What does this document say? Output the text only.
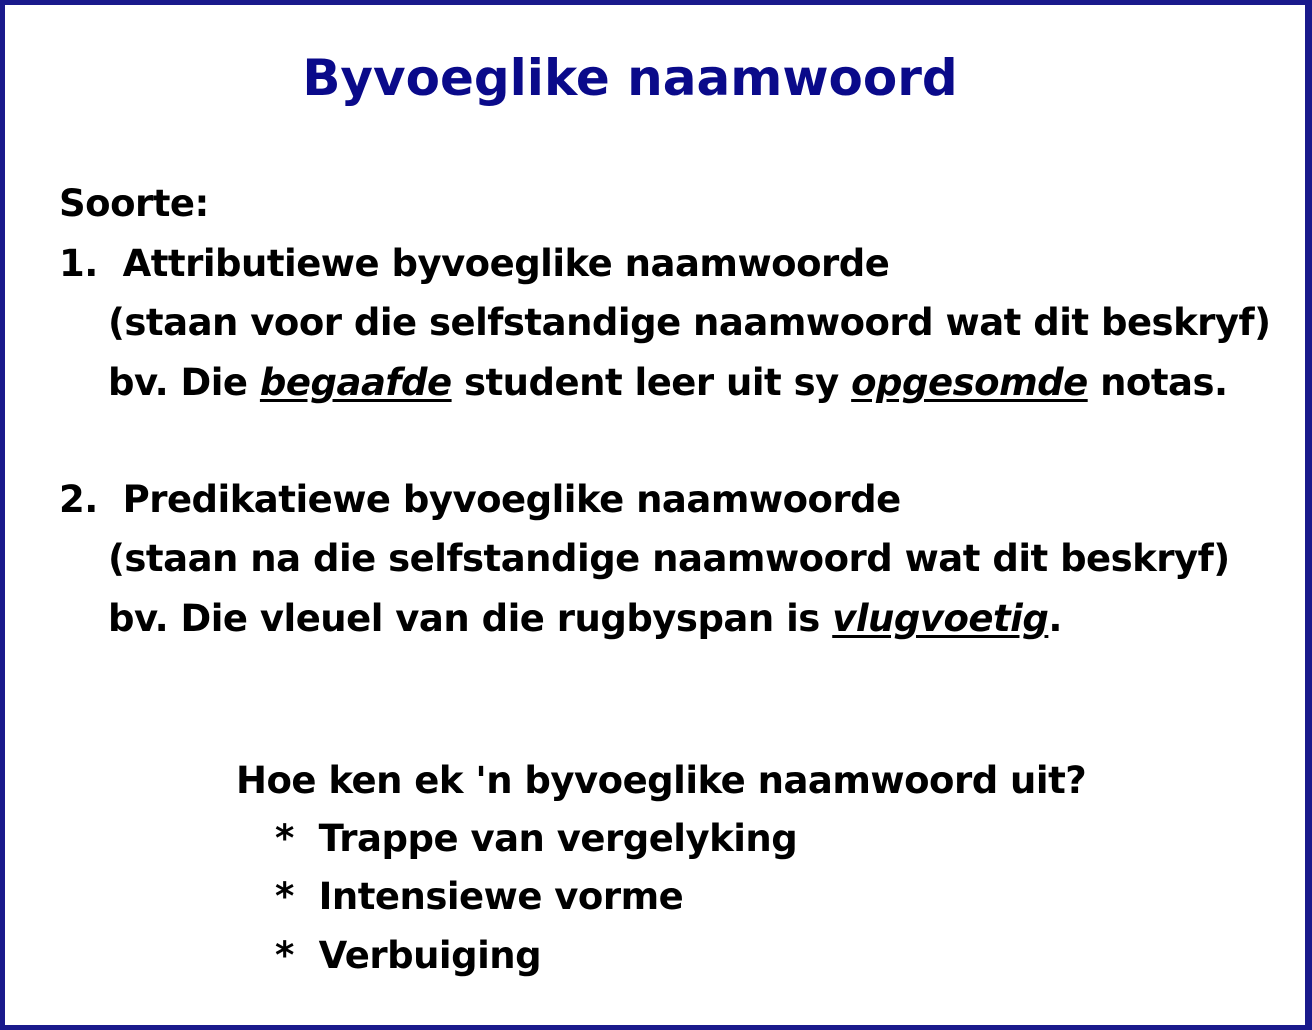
Byvoeglike naamwoord
Soorte:
1. Attributiewe byvoeglike naamwoorde
(staan voor die selfstandige naamwoord wat dit beskryf)
bv. Die begaafde student leer uit sy opgesomde notas.
2. Predikatiewe byvoeglike naamwoorde
(staan na die selfstandige naamwoord wat dit beskryf)
bv. Die vleuel van die rugbyspan is vlugvoetig.
Hoe ken ek 'n byvoeglike naamwoord uit?
* Trappe van vergelyking
* Intensiewe vorme
* Verbuiging
